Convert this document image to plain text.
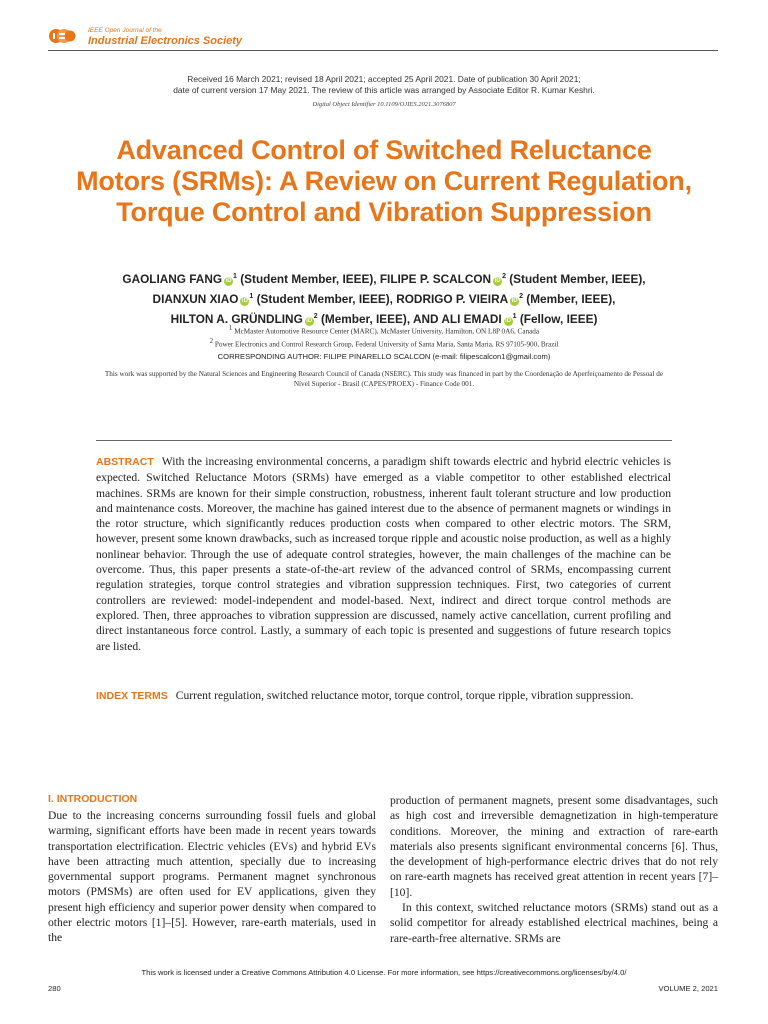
IEEE Open Journal of the
Industrial Electronics Society
Received 16 March 2021; revised 18 April 2021; accepted 25 April 2021. Date of publication 30 April 2021;
date of current version 17 May 2021. The review of this article was arranged by Associate Editor R. Kumar Keshri.
Digital Object Identifier 10.1109/OJIES.2021.3076807
Advanced Control of Switched Reluctance Motors (SRMs): A Review on Current Regulation, Torque Control and Vibration Suppression
GAOLIANG FANG $iD^1$ (Student Member, IEEE), FILIPE P. SCALCON $iD^2$ (Student Member, IEEE),
DIANXUN XIAO $iD^1$ (Student Member, IEEE), RODRIGO P. VIEIRA $iD^2$ (Member, IEEE),
HILTON A. GRÜNDLING $iD^2$ (Member, IEEE), AND ALI EMADI $iD^1$ (Fellow, IEEE)
$^1$ McMaster Automotive Resource Center (MARC), McMaster University, Hamilton, ON L8P 0A6, Canada
$^2$ Power Electronics and Control Research Group, Federal University of Santa Maria, Santa Maria, RS 97105-900, Brazil
CORRESPONDING AUTHOR: FILIPE PINARELLO SCALCON (e-mail: filipescalcon1@gmail.com)
This work was supported by the Natural Sciences and Engineering Research Council of Canada (NSERC). This study was financed in part by the Coordenação de Aperfeiçoamento de Pessoal de Nível Superior - Brasil (CAPES/PROEX) - Finance Code 001.
ABSTRACT With the increasing environmental concerns, a paradigm shift towards electric and hybrid electric vehicles is expected. Switched Reluctance Motors (SRMs) have emerged as a viable competitor to other established electrical machines. SRMs are known for their simple construction, robustness, inherent fault tolerant structure and low production and maintenance costs. Moreover, the machine has gained interest due to the absence of permanent magnets or windings in the rotor structure, which significantly reduces production costs when compared to other electric motors. The SRM, however, present some known drawbacks, such as increased torque ripple and acoustic noise production, as well as a highly nonlinear behavior. Through the use of adequate control strategies, however, the main challenges of the machine can be overcome. Thus, this paper presents a state-of-the-art review of the advanced control of SRMs, encompassing current regulation strategies, torque control strategies and vibration suppression techniques. First, two categories of current controllers are reviewed: model-independent and model-based. Next, indirect and direct torque control methods are explored. Then, three approaches to vibration suppression are discussed, namely active cancellation, current profiling and direct instantaneous force control. Lastly, a summary of each topic is presented and suggestions of future research topics are listed.
INDEX TERMS Current regulation, switched reluctance motor, torque control, torque ripple, vibration suppression.
I. INTRODUCTION
Due to the increasing concerns surrounding fossil fuels and global warming, significant efforts have been made in recent years towards transportation electrification. Electric vehicles (EVs) and hybrid EVs have been attracting much attention, specially due to increasing governmental support programs. Permanent magnet synchronous motors (PMSMs) are often used for EV applications, given they present high efficiency and superior power density when compared to other electric motors [1]–[5]. However, rare-earth materials, used in the
production of permanent magnets, present some disadvantages, such as high cost and irreversible demagnetization in high-temperature conditions. Moreover, the mining and extraction of rare-earth materials also presents significant environmental concerns [6]. Thus, the development of high-performance electric drives that do not rely on rare-earth magnets has received great attention in recent years [7]–[10].
In this context, switched reluctance motors (SRMs) stand out as a solid competitor for already established electrical machines, being a rare-earth-free alternative. SRMs are
This work is licensed under a Creative Commons Attribution 4.0 License. For more information, see https://creativecommons.org/licenses/by/4.0/
280	VOLUME 2, 2021
